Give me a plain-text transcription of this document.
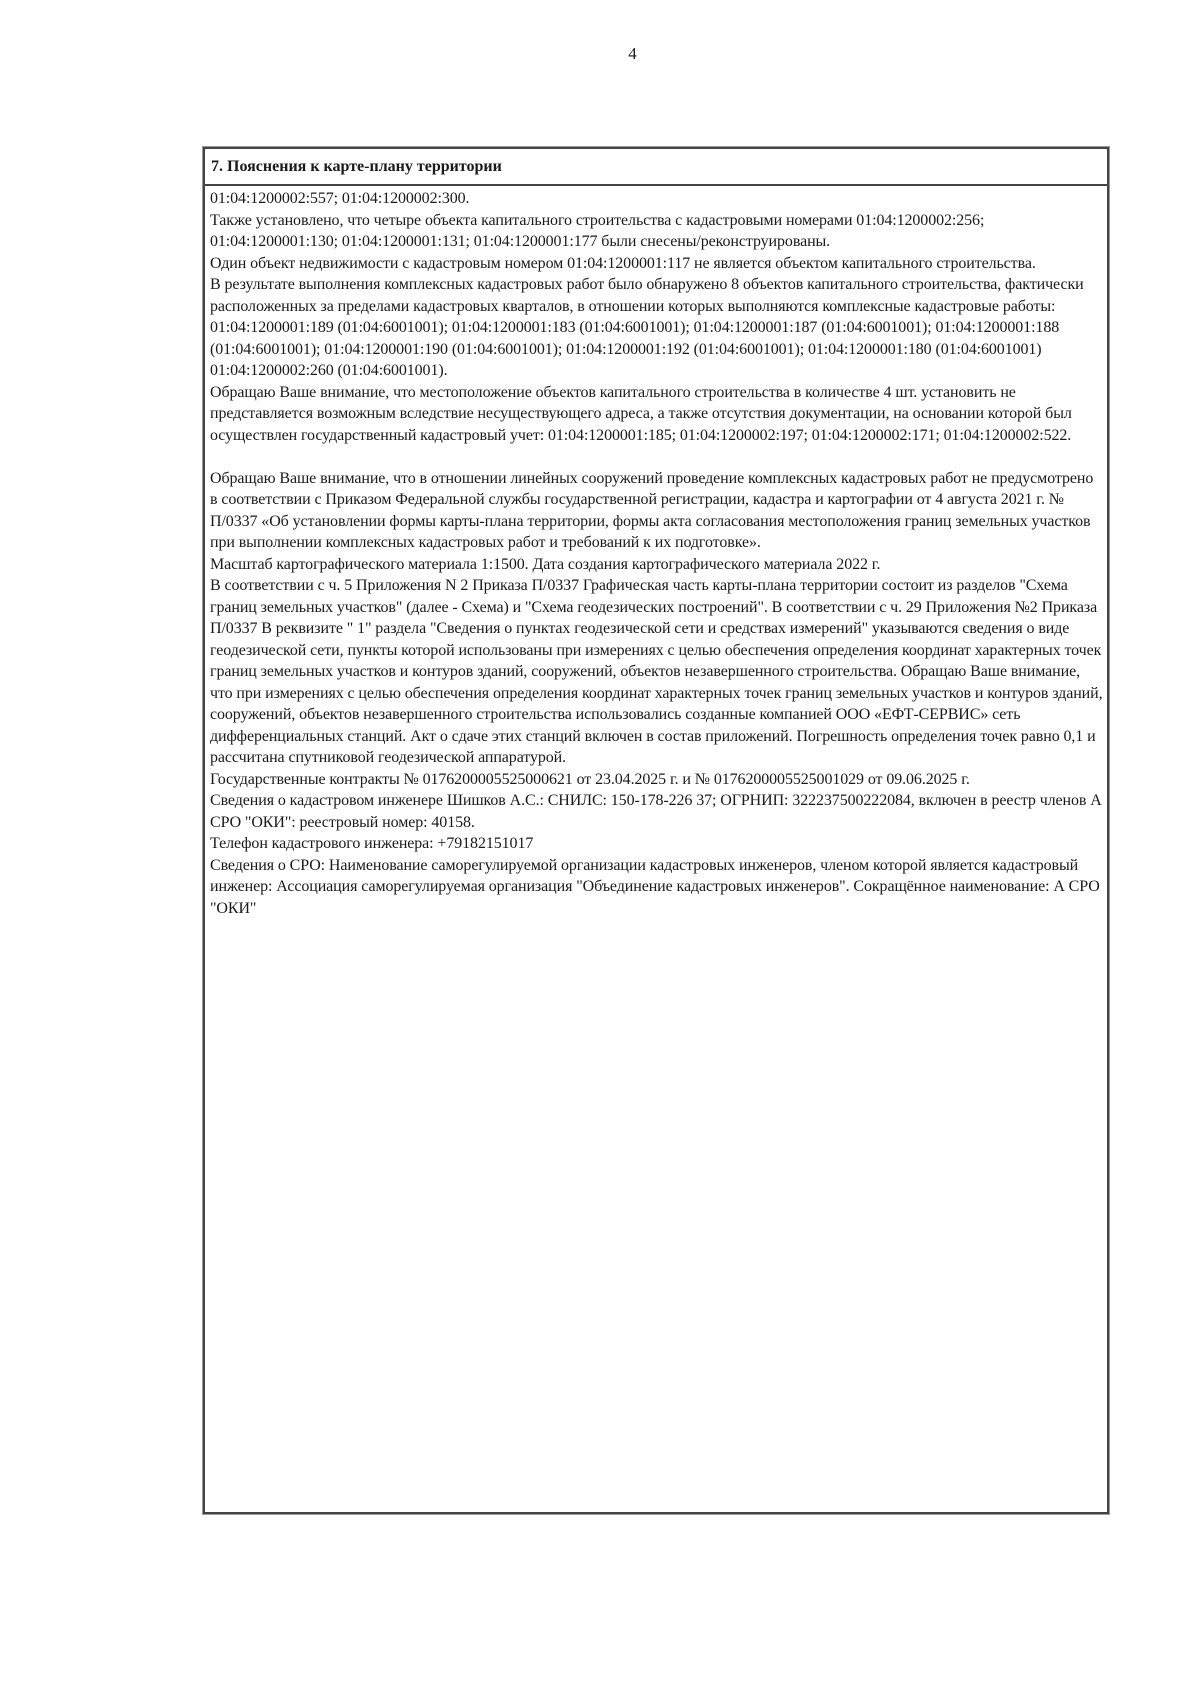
4
7. Пояснения к карте-плану территории

01:04:1200002:557; 01:04:1200002:300.

Также установлено, что четыре объекта капитального строительства с кадастровыми номерами 01:04:1200002:256; 01:04:1200001:130; 01:04:1200001:131; 01:04:1200001:177 были снесены/реконструированы.

Один объект недвижимости с кадастровым номером 01:04:1200001:117 не является объектом капитального строительства.

В результате выполнения комплексных кадастровых работ было обнаружено 8 объектов капитального строительства, фактически расположенных за пределами кадастровых кварталов, в отношении которых выполняются комплексные кадастровые работы: 01:04:1200001:189 (01:04:6001001); 01:04:1200001:183 (01:04:6001001); 01:04:1200001:187 (01:04:6001001); 01:04:1200001:188 (01:04:6001001); 01:04:1200001:190 (01:04:6001001); 01:04:1200001:192 (01:04:6001001); 01:04:1200001:180 (01:04:6001001) 01:04:1200002:260 (01:04:6001001).

Обращаю Ваше внимание, что местоположение объектов капитального строительства в количестве 4 шт. установить не представляется возможным вследствие несуществующего адреса, а также отсутствия документации, на основании которой был осуществлен государственный кадастровый учет: 01:04:1200001:185; 01:04:1200002:197; 01:04:1200002:171; 01:04:1200002:522.

Обращаю Ваше внимание, что в отношении линейных сооружений проведение комплексных кадастровых работ не предусмотрено в соответствии с Приказом Федеральной службы государственной регистрации, кадастра и картографии от 4 августа 2021 г. № П/0337 «Об установлении формы карты-плана территории, формы акта согласования местоположения границ земельных участков при выполнении комплексных кадастровых работ и требований к их подготовке».

Масштаб картографического материала 1:1500. Дата создания картографического материала 2022 г.

В соответствии с ч. 5 Приложения N 2 Приказа П/0337 Графическая часть карты-плана территории состоит из разделов "Схема границ земельных участков" (далее - Схема) и "Схема геодезических построений". В соответствии с ч. 29 Приложения №2 Приказа П/0337 В реквизите " 1" раздела "Сведения о пунктах геодезической сети и средствах измерений" указываются сведения о виде геодезической сети, пункты которой использованы при измерениях с целью обеспечения определения координат характерных точек границ земельных участков и контуров зданий, сооружений, объектов незавершенного строительства. Обращаю Ваше внимание, что при измерениях с целью обеспечения определения координат характерных точек границ земельных участков и контуров зданий, сооружений, объектов незавершенного строительства использовались созданные компанией ООО «ЕФТ-СЕРВИС» сеть дифференциальных станций. Акт о сдаче этих станций включен в состав приложений. Погрешность определения точек равно 0,1 и рассчитана спутниковой геодезической аппаратурой.

Государственные контракты № 0176200005525000621 от 23.04.2025 г. и № 0176200005525001029 от 09.06.2025 г.

Сведения о кадастровом инженере Шишков А.С.: СНИЛС: 150-178-226 37; ОГРНИП: 322237500222084, включен в реестр членов А СРО "ОКИ": реестровый номер: 40158.

Телефон кадастрового инженера: +79182151017

Сведения о СРО: Наименование саморегулируемой организации кадастровых инженеров, членом которой является кадастровый инженер: Ассоциация саморегулируемая организация "Объединение кадастровых инженеров". Сокращённое наименование: А СРО "ОКИ"
